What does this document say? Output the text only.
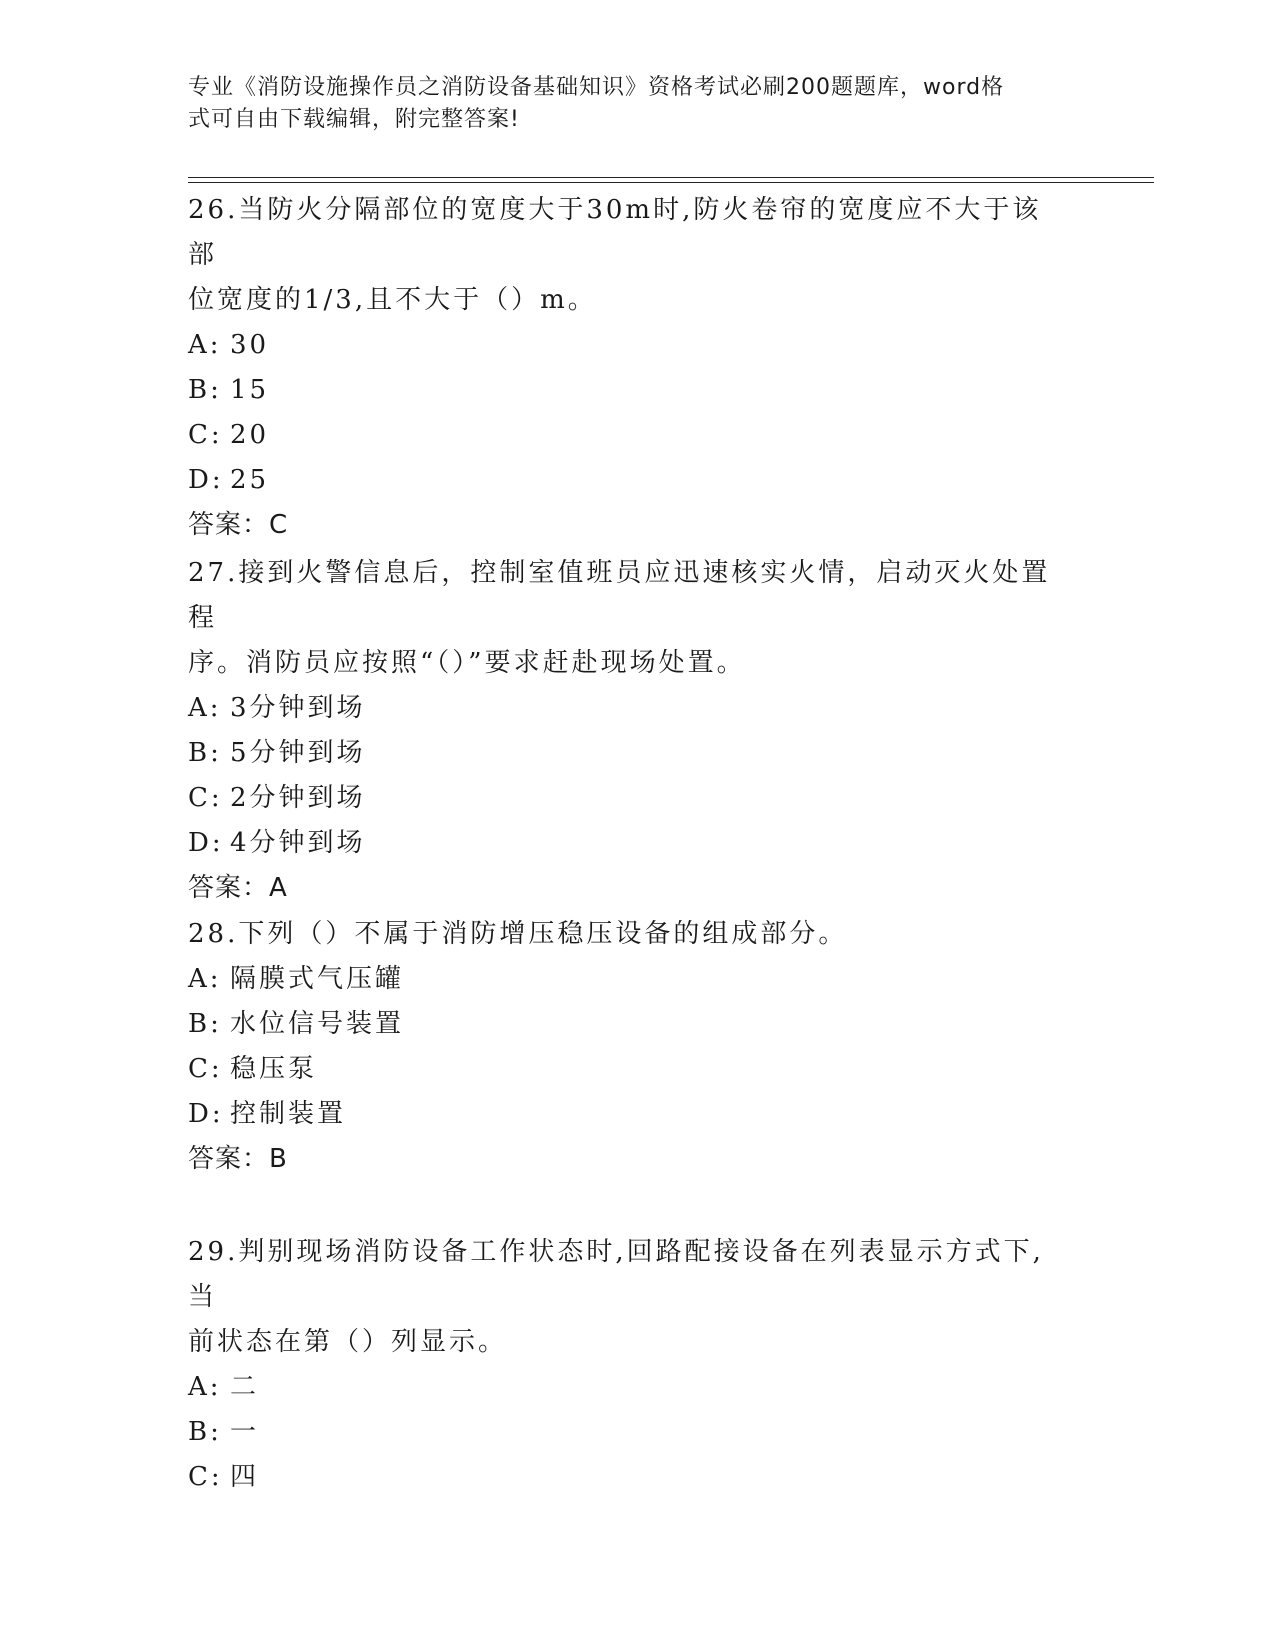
专业《消防设施操作员之消防设备基础知识》资格考试必刷200题题库，word格
式可自由下载编辑，附完整答案!

26.当防火分隔部位的宽度大于30m时,防火卷帘的宽度应不大于该部

位宽度的1/3,且不大于（）m。

A: 30

B: 15

C: 20

D: 25

答案：C

27.接到火警信息后，控制室值班员应迅速核实火情，启动灭火处置程

序。消防员应按照“（）”要求赶赴现场处置。

A: 3分钟到场

B: 5分钟到场

C: 2分钟到场

D: 4分钟到场

答案：A

28.下列（）不属于消防增压稳压设备的组成部分。

A: 隔膜式气压罐

B: 水位信号装置

C: 稳压泵

D: 控制装置

答案：B

29.判别现场消防设备工作状态时,回路配接设备在列表显示方式下,当

前状态在第（）列显示。

A: 二

B: 一

C: 四
